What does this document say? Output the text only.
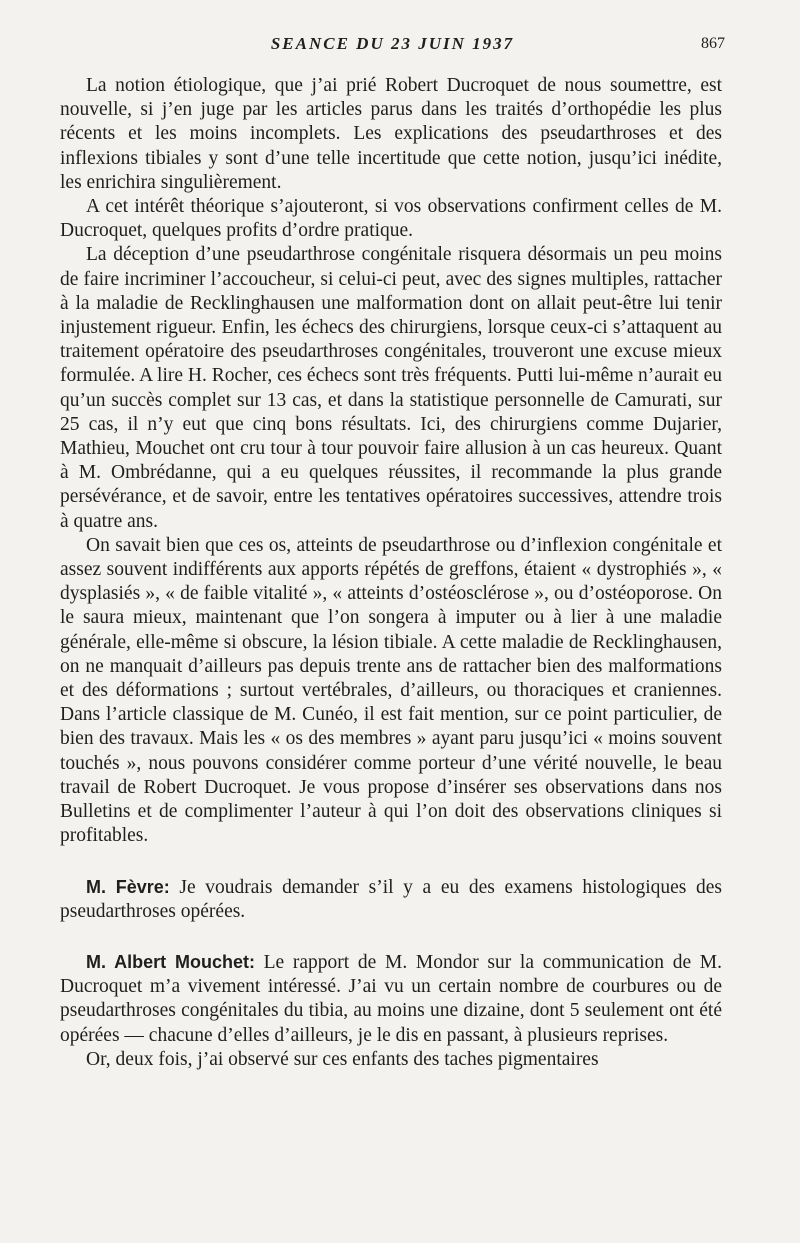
SEANCE DU 23 JUIN 1937	867

La notion étiologique, que j’ai prié Robert Ducroquet de nous soumettre, est nouvelle, si j’en juge par les articles parus dans les traités d’orthopédie les plus récents et les moins incomplets. Les explications des pseudarthroses et des inflexions tibiales y sont d’une telle incertitude que cette notion, jusqu’ici inédite, les enrichira singulièrement.

A cet intérêt théorique s’ajouteront, si vos observations confirment celles de M. Ducroquet, quelques profits d’ordre pratique.

La déception d’une pseudarthrose congénitale risquera désormais un peu moins de faire incriminer l’accoucheur, si celui-ci peut, avec des signes multiples, rattacher à la maladie de Recklinghausen une malformation dont on allait peut-être lui tenir injustement rigueur. Enfin, les échecs des chirurgiens, lorsque ceux-ci s’attaquent au traitement opératoire des pseudarthroses congénitales, trouveront une excuse mieux formulée. A lire H. Rocher, ces échecs sont très fréquents. Putti lui-même n’aurait eu qu’un succès complet sur 13 cas, et dans la statistique personnelle de Camurati, sur 25 cas, il n’y eut que cinq bons résultats. Ici, des chirurgiens comme Dujarier, Mathieu, Mouchet ont cru tour à tour pouvoir faire allusion à un cas heureux. Quant à M. Ombrédanne, qui a eu quelques réussites, il recommande la plus grande persévérance, et de savoir, entre les tentatives opératoires successives, attendre trois à quatre ans.

On savait bien que ces os, atteints de pseudarthrose ou d’inflexion congénitale et assez souvent indifférents aux apports répétés de greffons, étaient « dystrophiés », « dysplasiés », « de faible vitalité », « atteints d’ostéosclérose », ou d’ostéoporose. On le saura mieux, maintenant que l’on songera à imputer ou à lier à une maladie générale, elle-même si obscure, la lésion tibiale. A cette maladie de Recklinghausen, on ne manquait d’ailleurs pas depuis trente ans de rattacher bien des malformations et des déformations ; surtout vertébrales, d’ailleurs, ou thoraciques et craniennes. Dans l’article classique de M. Cunéo, il est fait mention, sur ce point particulier, de bien des travaux. Mais les « os des membres » ayant paru jusqu’ici « moins souvent touchés », nous pouvons considérer comme porteur d’une vérité nouvelle, le beau travail de Robert Ducroquet. Je vous propose d’insérer ses observations dans nos Bulletins et de complimenter l’auteur à qui l’on doit des observations cliniques si profitables.

M. Fèvre: Je voudrais demander s’il y a eu des examens histologiques des pseudarthroses opérées.

M. Albert Mouchet: Le rapport de M. Mondor sur la communication de M. Ducroquet m’a vivement intéressé. J’ai vu un certain nombre de courbures ou de pseudarthroses congénitales du tibia, au moins une dizaine, dont 5 seulement ont été opérées — chacune d’elles d’ailleurs, je le dis en passant, à plusieurs reprises.

Or, deux fois, j’ai observé sur ces enfants des taches pigmentaires
